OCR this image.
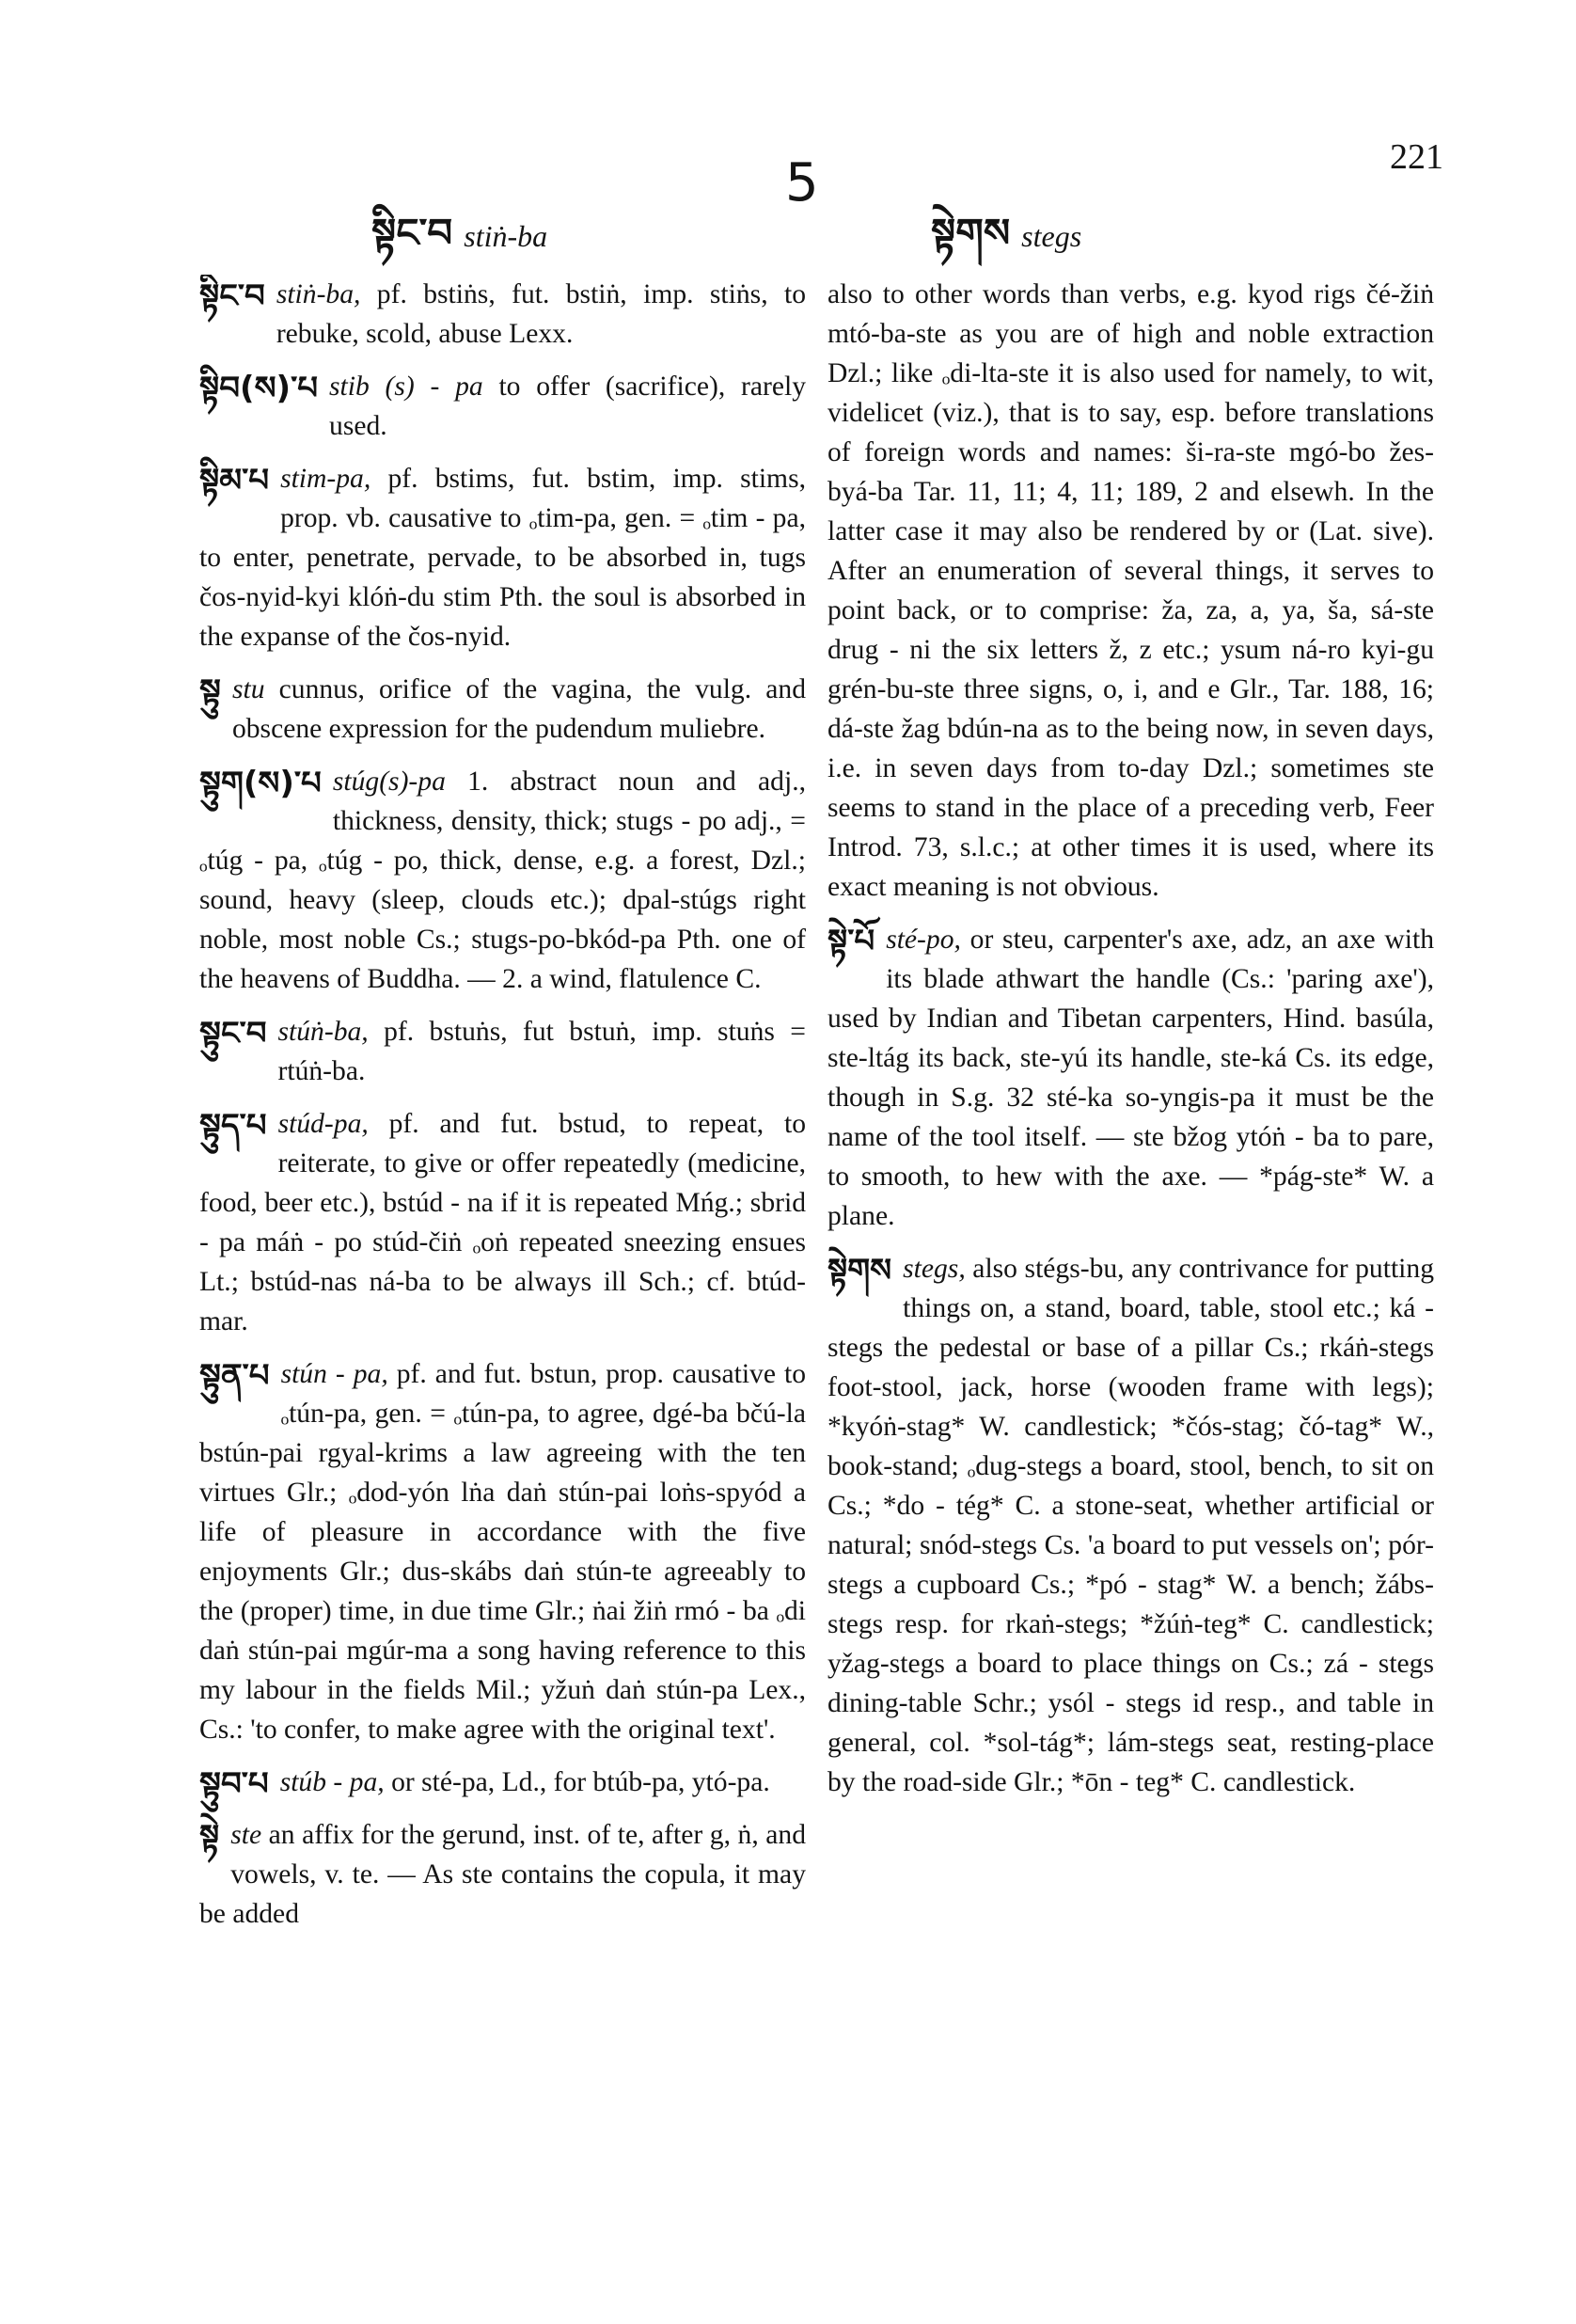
སྟིང་བ stiṅ-ba
5
སྟེགས stegs
221

སྟིང་བ stiṅ-ba, pf. bstiṅs, fut. bstiṅ, imp. stiṅs, to rebuke, scold, abuse Lexx.

སྟིབ(ས)་པ stib (s) - pa to offer (sacrifice), rarely used.

སྟིམ་པ stim-pa, pf. bstims, fut. bstim, imp. stims, prop. vb. causative to ₒtim-pa, gen. = ₒtim - pa, to enter, penetrate, pervade, to be absorbed in, tugs čos-nyid-kyi klóṅ-du stim Pth. the soul is absorbed in the expanse of the čos-nyid.

སྟུ stu cunnus, orifice of the vagina, the vulg. and obscene expression for the pudendum muliebre.

སྟུག(ས)་པ stúg(s)-pa 1. abstract noun and adj., thickness, density, thick; stugs - po adj., = ₒtúg - pa, ₒtúg - po, thick, dense, e.g. a forest, Dzl.; sound, heavy (sleep, clouds etc.); dpal-stúgs right noble, most noble Cs.; stugs-po-bkód-pa Pth. one of the heavens of Buddha. — 2. a wind, flatulence C.

སྟུང་བ stúṅ-ba, pf. bstuṅs, fut bstuṅ, imp. stuṅs = rtúṅ-ba.

སྟུད་པ stúd-pa, pf. and fut. bstud, to repeat, to reiterate, to give or offer repeatedly (medicine, food, beer etc.), bstúd - na if it is repeated Mńg.; sbrid - pa máṅ - po stúd-čiṅ ₒoṅ repeated sneezing ensues Lt.; bstúd-nas ná-ba to be always ill Sch.; cf. btúd-mar.

སྟུན་པ stún - pa, pf. and fut. bstun, prop. causative to ₒtún-pa, gen. = ₒtún-pa, to agree, dgé-ba bčú-la bstún-pai rgyal-krims a law agreeing with the ten virtues Glr.; ₒdod-yón lṅa daṅ stún-pai loṅs-spyód a life of pleasure in accordance with the five enjoyments Glr.; dus-skábs daṅ stún-te agreeably to the (proper) time, in due time Glr.; ṅai žiṅ rmó - ba ₒdi daṅ stún-pai mgúr-ma a song having reference to this my labour in the fields Mil.; yžuṅ daṅ stún-pa Lex., Cs.: 'to confer, to make agree with the original text'.

སྟུབ་པ stúb - pa, or sté-pa, Ld., for btúb-pa, ytó-pa.

སྟེ ste an affix for the gerund, inst. of te, after g, ṅ, and vowels, v. te. — As ste contains the copula, it may be added

also to other words than verbs, e.g. kyod rigs čé-žiṅ mtó-ba-ste as you are of high and noble extraction Dzl.; like ₒdi-lta-ste it is also used for namely, to wit, videlicet (viz.), that is to say, esp. before translations of foreign words and names: ši-ra-ste mgó-bo žes-byá-ba Tar. 11, 11; 4, 11; 189, 2 and elsewh. In the latter case it may also be rendered by or (Lat. sive). After an enumeration of several things, it serves to point back, or to comprise: ža, za, a, ya, ša, sá-ste drug - ni the six letters ž, z etc.; ysum ná-ro kyi-gu grén-bu-ste three signs, o, i, and e Glr., Tar. 188, 16; dá-ste žag bdún-na as to the being now, in seven days, i.e. in seven days from to-day Dzl.; sometimes ste seems to stand in the place of a preceding verb, Feer Introd. 73, s.l.c.; at other times it is used, where its exact meaning is not obvious.

སྟེ་པོ sté-po, or steu, carpenter's axe, adz, an axe with its blade athwart the handle (Cs.: 'paring axe'), used by Indian and Tibetan carpenters, Hind. basúla, ste-ltág its back, ste-yú its handle, ste-ká Cs. its edge, though in S.g. 32 sté-ka so-yngis-pa it must be the name of the tool itself. — ste bžog ytóṅ - ba to pare, to smooth, to hew with the axe. — *pág-ste* W. a plane.

སྟེགས stegs, also stégs-bu, any contrivance for putting things on, a stand, board, table, stool etc.; ká - stegs the pedestal or base of a pillar Cs.; rkáṅ-stegs foot-stool, jack, horse (wooden frame with legs); *kyóṅ-stag* W. candlestick; *čós-stag; čó-tag* W., book-stand; ₒdug-stegs a board, stool, bench, to sit on Cs.; *do - tég* C. a stone-seat, whether artificial or natural; snód-stegs Cs. 'a board to put vessels on'; pór-stegs a cupboard Cs.; *pó - stag* W. a bench; žábs-stegs resp. for rkaṅ-stegs; *žúṅ-teg* C. candlestick; yžag-stegs a board to place things on Cs.; zá - stegs dining-table Schr.; ysól - stegs id resp., and table in general, col. *sol-tág*; lám-stegs seat, resting-place by the road-side Glr.; *ōn - teg* C. candlestick.
